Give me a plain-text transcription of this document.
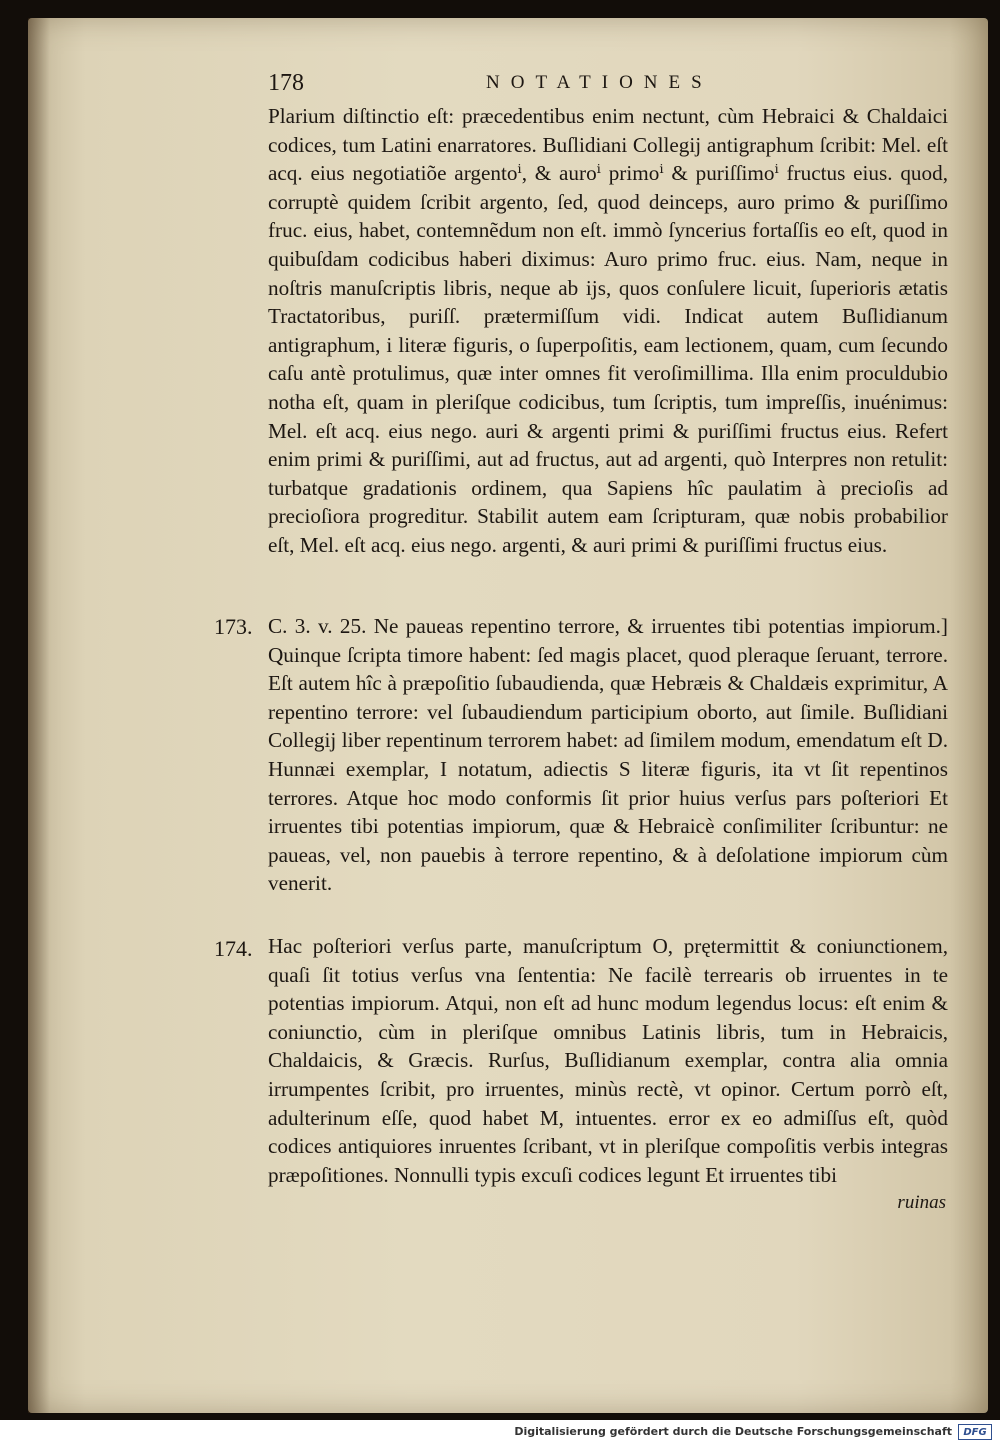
178	NOTATIONES

Plarium diſtinctio eſt: præcedentibus enim nectunt, cùm Hebraici & Chaldaici codices, tum Latini enarratores. Buſlidiani Collegij antigraphum ſcribit: Mel. eſt acq. eius negotiatiõe argentoⁱ, & auroⁱ primoⁱ & puriſſimoⁱ fructus eius. quod, corruptè quidem ſcribit argento, ſed, quod deinceps, auro primo & puriſſimo fruc. eius, habet, contemnẽdum non eſt. immò ſyncerius fortaſſis eo eſt, quod in quibuſdam codicibus haberi diximus: Auro primo fruc. eius. Nam, neque in noſtris manuſcriptis libris, neque ab ijs, quos conſulere licuit, ſuperioris ætatis Tractatoribus, puriſſ. prætermiſſum vidi. Indicat autem Buſlidianum antigraphum, i literæ figuris, o ſuperpoſitis, eam lectionem, quam, cum ſecundo caſu antè protulimus, quæ inter omnes fit veroſimillima. Illa enim proculdubio notha eſt, quam in pleriſque codicibus, tum ſcriptis, tum impreſſis, inuénimus: Mel. eſt acq. eius nego. auri & argenti primi & puriſſimi fructus eius. Refert enim primi & puriſſimi, aut ad fructus, aut ad argenti, quò Interpres non retulit: turbatque gradationis ordinem, qua Sapiens hîc paulatim à precioſis ad precioſiora progreditur. Stabilit autem eam ſcripturam, quæ nobis probabilior eſt, Mel. eſt acq. eius nego. argenti, & auri primi & puriſſimi fructus eius.

173. C. 3. v. 25. Ne paueas repentino terrore, & irruentes tibi potentias impiorum.] Quinque ſcripta timore habent: ſed magis placet, quod pleraque ſeruant, terrore. Eſt autem hîc à præpoſitio ſubaudienda, quæ Hebræis & Chaldæis exprimitur, A repentino terrore: vel ſubaudiendum participium oborto, aut ſimile. Buſlidiani Collegij liber repentinum terrorem habet: ad ſimilem modum, emendatum eſt D. Hunnæi exemplar, I notatum, adiectis S literæ figuris, ita vt ſit repentinos terrores. Atque hoc modo conformis ſit prior huius verſus pars poſteriori Et irruentes tibi potentias impiorum, quæ & Hebraicè conſimiliter ſcribuntur: ne paueas, vel, non pauebis à terrore repentino, & à deſolatione impiorum cùm venerit.

174. Hac poſteriori verſus parte, manuſcriptum O, prętermittit & coniunctionem, quaſi ſit totius verſus vna ſententia: Ne facilè terrearis ob irruentes in te potentias impiorum. Atqui, non eſt ad hunc modum legendus locus: eſt enim & coniunctio, cùm in pleriſque omnibus Latinis libris, tum in Hebraicis, Chaldaicis, & Græcis. Rurſus, Buſlidianum exemplar, contra alia omnia irrumpentes ſcribit, pro irruentes, minùs rectè, vt opinor. Certum porrò eſt, adulterinum eſſe, quod habet M, intuentes. error ex eo admiſſus eſt, quòd codices antiquiores inruentes ſcribant, vt in pleriſque compoſitis verbis integras præpoſitiones. Nonnulli typis excuſi codices legunt Et irruentes tibi

ruinas
Digitalisierung gefördert durch die Deutsche Forschungsgemeinschaft	DFG
